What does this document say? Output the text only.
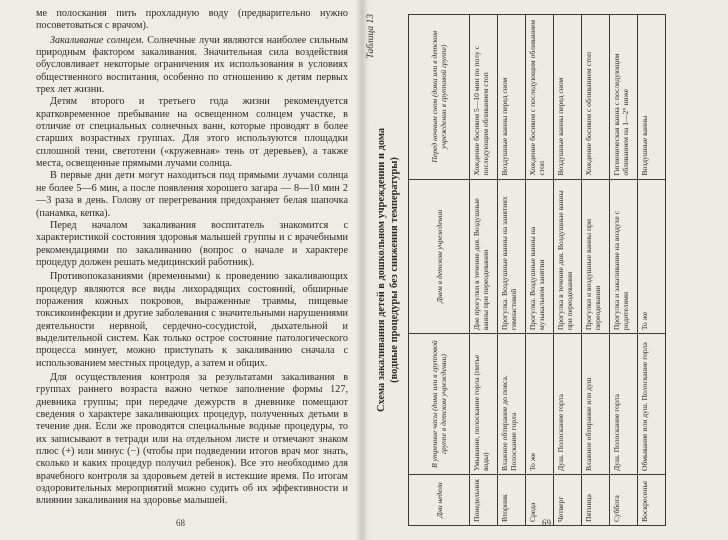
ме полоскания пить прохладную воду (предварительно нужно посоветоваться с врачом).

Закаливание солнцем. Солнечные лучи являются наиболее сильным природным фактором закаливания. Значительная сила воздействия обусловливает некоторые ограничения их использования в условиях общественного воспитания, особенно по отношению к детям первых трех лет жизни.

Детям второго и третьего года жизни рекомендуется кратковременное пребывание на освещенном солнцем участке, в отличие от специальных солнечных ванн, которые проводят в более старших возрастных группах. Для этого используются площадки сплошной тени, светотени («кружевная» тень от деревьев), а также места, освещенные прямыми лучами солнца.

В первые дни дети могут находиться под прямыми лучами солнца не более 5—6 мин, а после появления хорошего загара — 8—10 мин 2—3 раза в день. Голову от перегревания предохраняет белая шапочка (панамка, кепка).

Перед началом закаливания воспитатель знакомится с характеристикой состояния здоровья малышей группы и с врачебными рекомендациями по закаливанию (вопрос о начале и характере процедур должен решать медицинский работник).

Противопоказаниями (временными) к проведению закаливающих процедур являются все виды лихорадящих состояний, обширные поражения кожных покровов, выраженные травмы, пищевые токсикоинфекции и другие заболевания с значительными нарушениями деятельности нервной, сердечно-сосудистой, дыхательной и выделительной систем. Как только острое состояние патологического процесса минует, можно приступать к закаливанию сначала с использованием местных процедур, а затем и общих.

Для осуществления контроля за результатами закаливания в группах раннего возраста важно четкое заполнение формы 127, дневника группы; при передаче дежурств в дневнике помещают сведения о характере закаливающих процедур, полученных детьми в течение дня. Если же проводятся специальные водные процедуры, то их записывают в тетради или на отдельном листе и отмечают знаком плюс (+) или минус (−) (чтобы при подведении итогов врач мог знать, сколько и каких процедур получил ребенок). Все это необходимо для врачебного контроля за здоровьем детей в истекшие время. По итогам оздоровительных мероприятий можно судить об их эффективности и влиянии закаливания на здоровье малышей.

68	69
Таблица 13
Схема закаливания детей в дошкольном учреждении и дома (водные процедуры без снижения температуры)
Дни недели	В утренние часы (дома или в групповой группе в детском учреждении)	Днем в детском учреждении	Перед ночным сном (дома или в детском учреждении в групповой группе)
Понедельник	Умывание, полоскание горла (питье воды)	Дне прогулки в течение дня. Воздушные ванны при переодевании	Хождение босиком 5—10 мин по полу с последующим обливанием стоп
Вторник	Влажное обтирание до пояса. Полоскание горла	Прогулка. Воздушные ванны на занятиях гимнастикой	Воздушные ванны перед сном
Среда	То же	Прогулка. Воздушные ванны на музыкальном занятии	Хождение босиком с последующим обливанием стоп
Четверг	Душ. Полоскание горла	Прогулка в течение дня. Воздушные ванны при переодевании	Воздушные ванны перед сном
Пятница	Влажное обтирание или душ	Прогулки и воздушные ванны при переодевании	Хождение босиком с обливанием стоп
Суббота	Душ. Полоскание горла	Прогулка и закаливание на воздухе с родителями	Гигиеническая ванна с последующим обливанием на 1—2° ниже
Воскресенье	Обмывание или душ. Полоскание горла	То же	Воздушные ванны
